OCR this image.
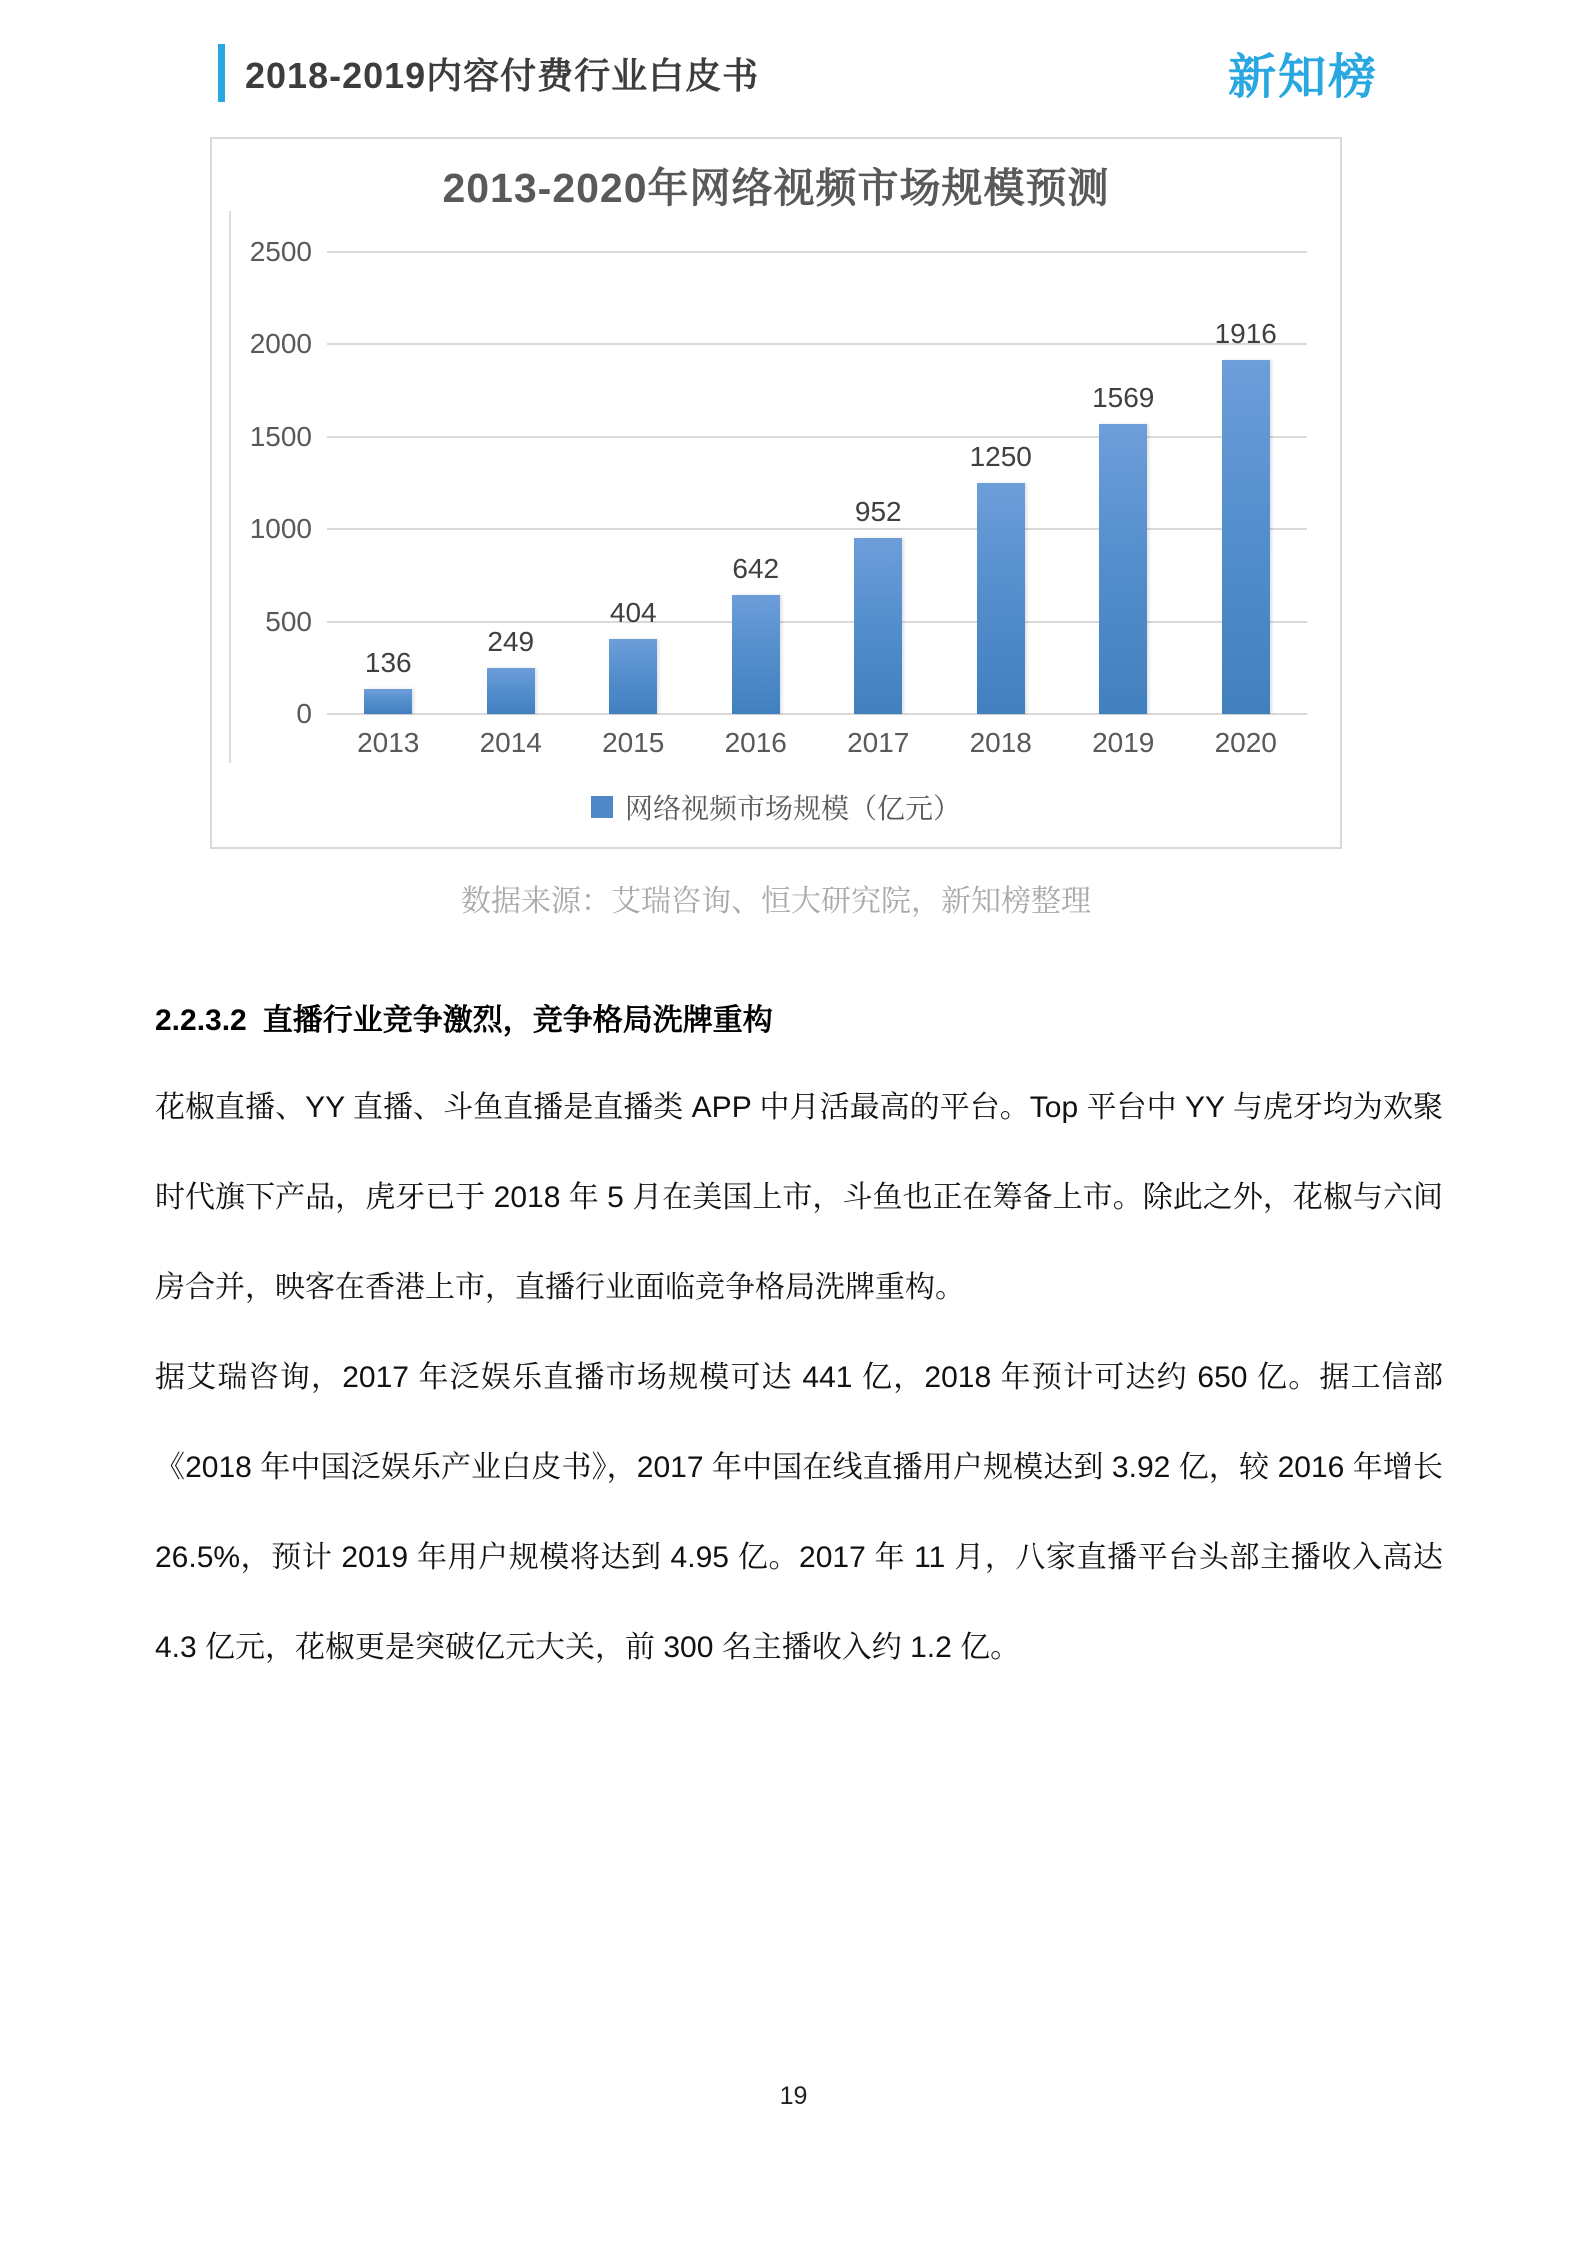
2018-2019内容付费行业白皮书	新知榜
2013-2020年网络视频市场规模预测
2500
2000
1500
1000
500
0
136
249
404
642
952
1250
1569
1916
2013	2014	2015	2016	2017	2018	2019	2020
网络视频市场规模（亿元）
数据来源：艾瑞咨询、恒大研究院，新知榜整理
2.2.3.2 直播行业竞争激烈，竞争格局洗牌重构

花椒直播、YY 直播、斗鱼直播是直播类 APP 中月活最高的平台。Top 平台中 YY 与虎牙均为欢聚时代旗下产品，虎牙已于 2018 年 5 月在美国上市，斗鱼也正在筹备上市。除此之外，花椒与六间房合并，映客在香港上市，直播行业面临竞争格局洗牌重构。

据艾瑞咨询，2017 年泛娱乐直播市场规模可达 441 亿，2018 年预计可达约 650 亿。据工信部《2018 年中国泛娱乐产业白皮书》，2017 年中国在线直播用户规模达到 3.92 亿，较 2016 年增长 26.5%，预计 2019 年用户规模将达到 4.95 亿。2017 年 11 月，八家直播平台头部主播收入高达 4.3 亿元，花椒更是突破亿元大关，前 300 名主播收入约 1.2 亿。

19
